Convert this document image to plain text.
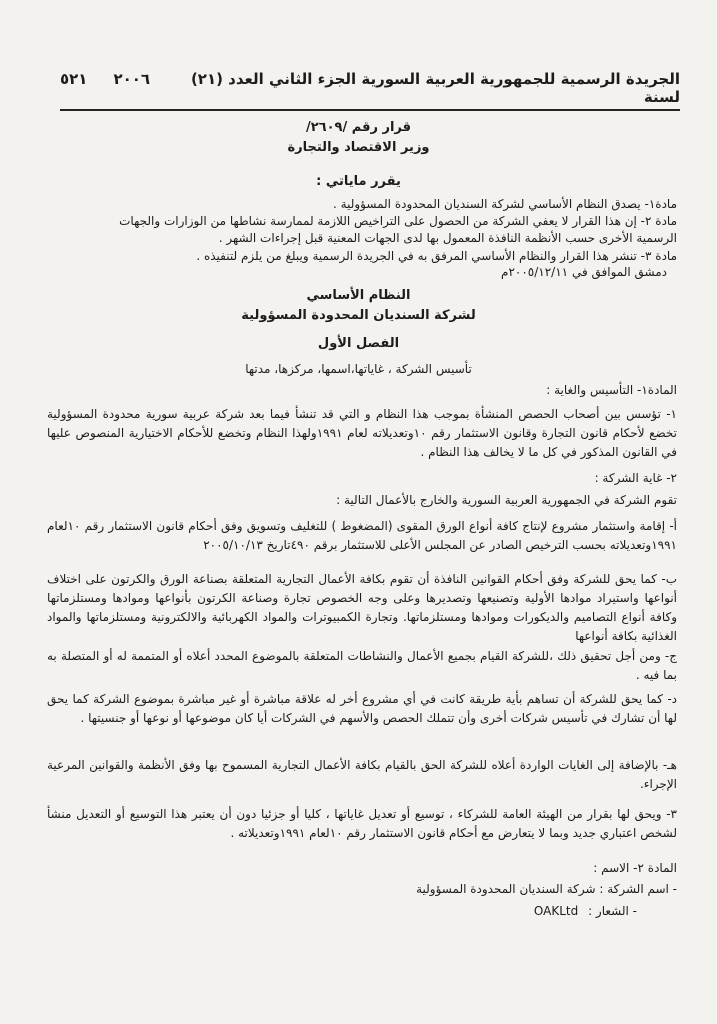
الجريدة الرسمية للجمهورية العربية السورية الجزء الثاني العدد (٢١) لسنة
٢٠٠٦
٥٢١
قرار رقم /٢٦٠٩/
وزير الاقتصاد والتجارة
يقرر ماياتي :
مادة١- يصدق النظام الأساسي لشركة السنديان المحدودة المسؤولية .
مادة ٢- إن هذا القرار لا يعفي الشركة من الحصول على التراخيص اللازمة لممارسة نشاطها من الوزارات والجهات
الرسمية الأخرى حسب الأنظمة النافذة المعمول بها لدى الجهات المعنية قبل إجراءات الشهر .
مادة ٣- تنشر هذا القرار والنظام الأساسي المرفق به في الجريدة الرسمية ويبلغ من يلزم لتنفيذه .
دمشق الموافق في ٢٠٠٥/١٢/١١م
النظام الأساسي
لشركة السنديان المحدودة المسؤولية
الفصل الأول
تأسيس الشركة ، غاياتها،اسمها، مركزها، مدتها
المادة١- التأسيس والغاية :

١- تؤسس بين أصحاب الحصص المنشأة بموجب هذا النظام و التي قد تنشأ فيما بعد شركة عربية سورية محدودة المسؤولية تخضع لأحكام قانون التجارة وقانون الاستثمار رقم ١٠وتعديلاته لعام ١٩٩١ولهذا النظام وتخضع للأحكام الاختيارية المنصوص عليها في القانون المذكور في كل ما لا يخالف هذا النظام .

٢- غاية الشركة :
تقوم الشركة في الجمهورية العربية السورية والخارج بالأعمال التالية :

أ- إقامة واستثمار مشروع لإنتاج كافة أنواع الورق المقوى (المضغوط ) للتغليف وتسويق وفق أحكام قانون الاستثمار رقم ١٠لعام ١٩٩١وتعديلاته بحسب الترخيص الصادر عن المجلس الأعلى للاستثمار برقم ٤٩٠تاريخ ٢٠٠٥/١٠/١٣

ب- كما يحق للشركة وفق أحكام القوانين النافذة أن تقوم بكافة الأعمال التجارية المتعلقة بصناعة الورق والكرتون على اختلاف أنواعها واستيراد موادها الأولية وتصنيعها وتصديرها وعلى وجه الخصوص تجارة وصناعة الكرتون بأنواعها وموادها ومستلزماتها وكافة أنواع التصاميم والديكورات وموادها ومستلزماتها. وتجارة الكمبيوترات والمواد الكهربائية والالكترونية ومستلزماتها والمواد الغذائية بكافة أنواعها

ج- ومن أجل تحقيق ذلك ،للشركة القيام بجميع الأعمال والنشاطات المتعلقة بالموضوع المحدد أعلاه أو المتممة له أو المتصلة به بما فيه .

د- كما يحق للشركة أن تساهم بأية طريقة كانت في أي مشروع أخر له علاقة مباشرة أو غير مباشرة بموضوع الشركة كما يحق لها أن تشارك في تأسيس شركات أخرى وأن تتملك الحصص والأسهم في الشركات أيا كان موضوعها أو نوعها أو جنسيتها .

هـ- بالإضافة إلى الغايات الواردة أعلاه للشركة الحق بالقيام بكافة الأعمال التجارية المسموح بها وفق الأنظمة والقوانين المرعية الإجراء.

٣- ويحق لها بقرار من الهيئة العامة للشركاء ، توسيع أو تعديل غاياتها ، كليا أو جزئيا دون أن يعتبر هذا التوسيع أو التعديل منشأ لشخص اعتباري جديد وبما لا يتعارض مع أحكام قانون الاستثمار رقم ١٠لعام ١٩٩١وتعديلاته .

المادة ٢- الاسم :
- اسم الشركة : شركة السنديان المحدودة المسؤولية
- الشعار : OAKLtd
